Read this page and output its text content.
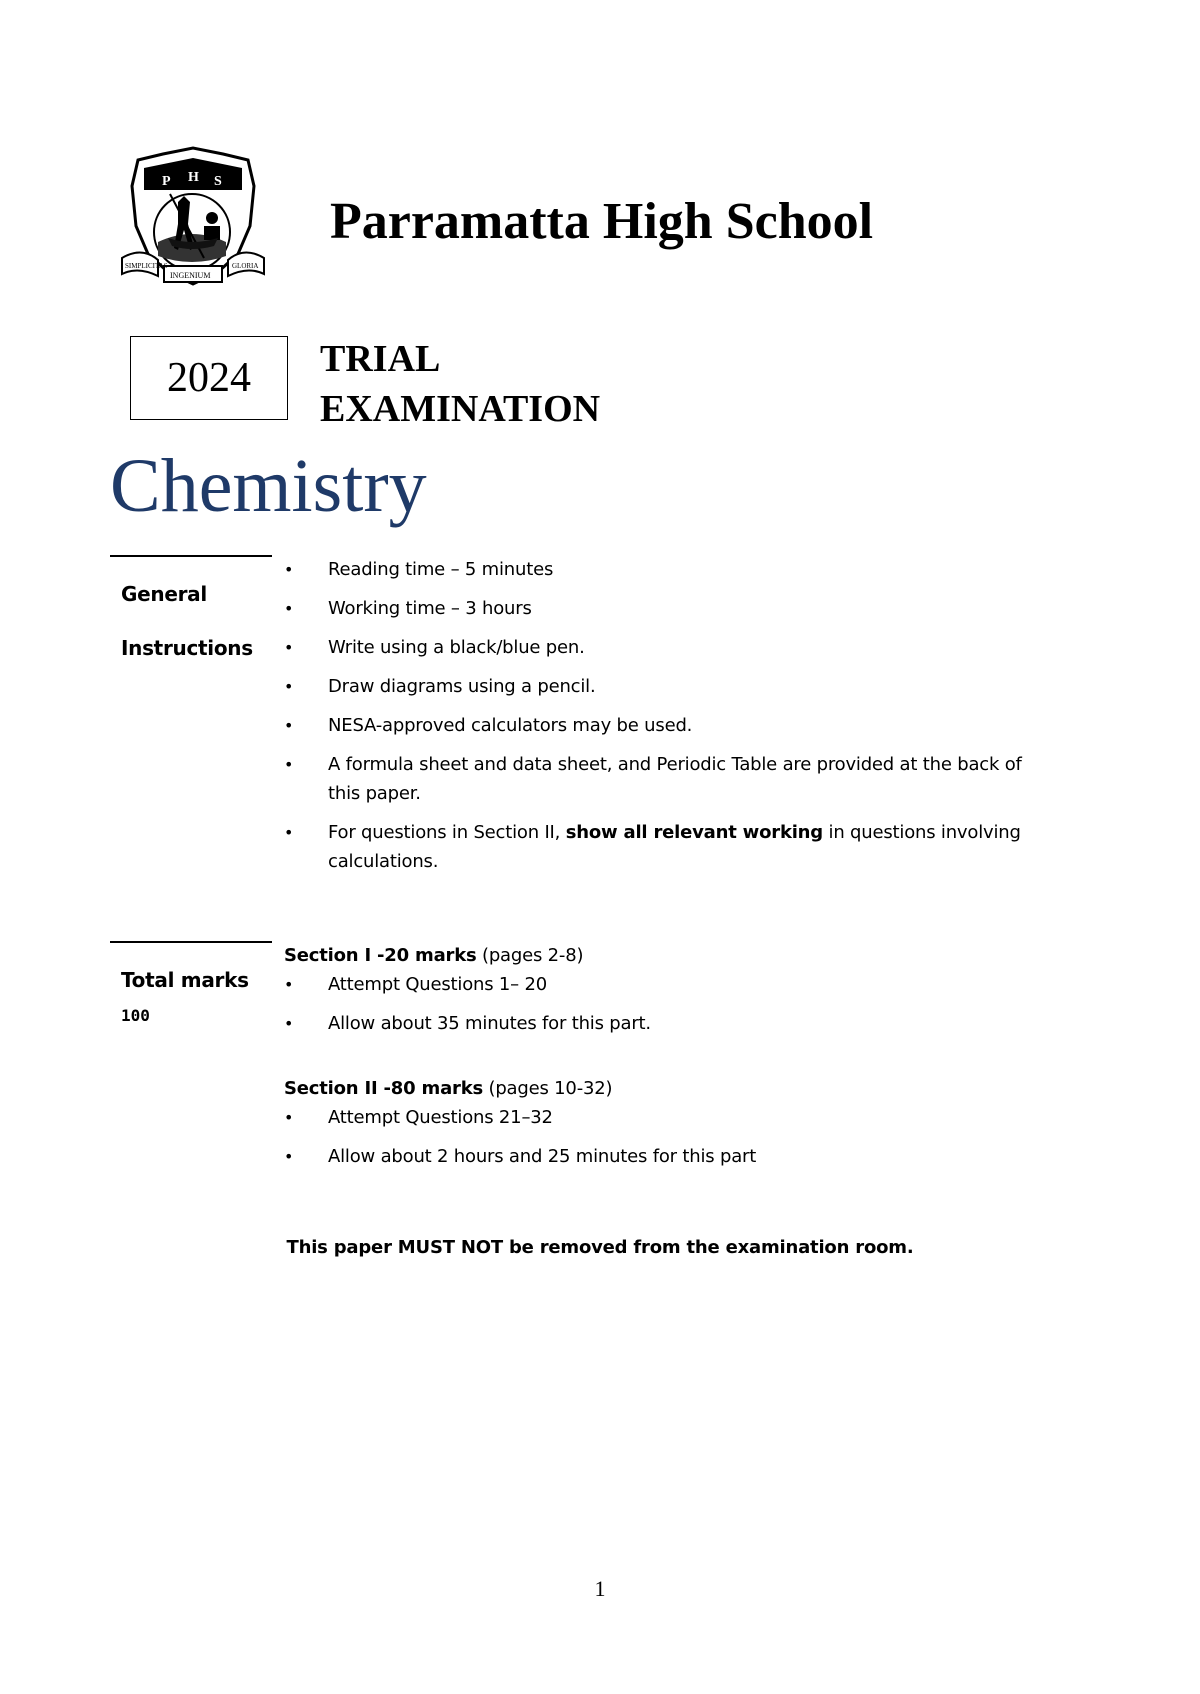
P H S
SIMPLICITAS
INGENIUM
GLORIA
Parramatta High School
2024 TRIAL
EXAMINATION
Chemistry
General
Instructions
• Reading time – 5 minutes
• Working time – 3 hours
• Write using a black/blue pen.
• Draw diagrams using a pencil.
• NESA-approved calculators may be used.
• A formula sheet and data sheet, and Periodic Table are provided at the back of this paper.
• For questions in Section II, show all relevant working in questions involving calculations.
Total marks
100
Section I -20 marks (pages 2-8)
• Attempt Questions 1– 20
• Allow about 35 minutes for this part.
Section II -80 marks (pages 10-32)
• Attempt Questions 21–32
• Allow about 2 hours and 25 minutes for this part
This paper MUST NOT be removed from the examination room.
1
